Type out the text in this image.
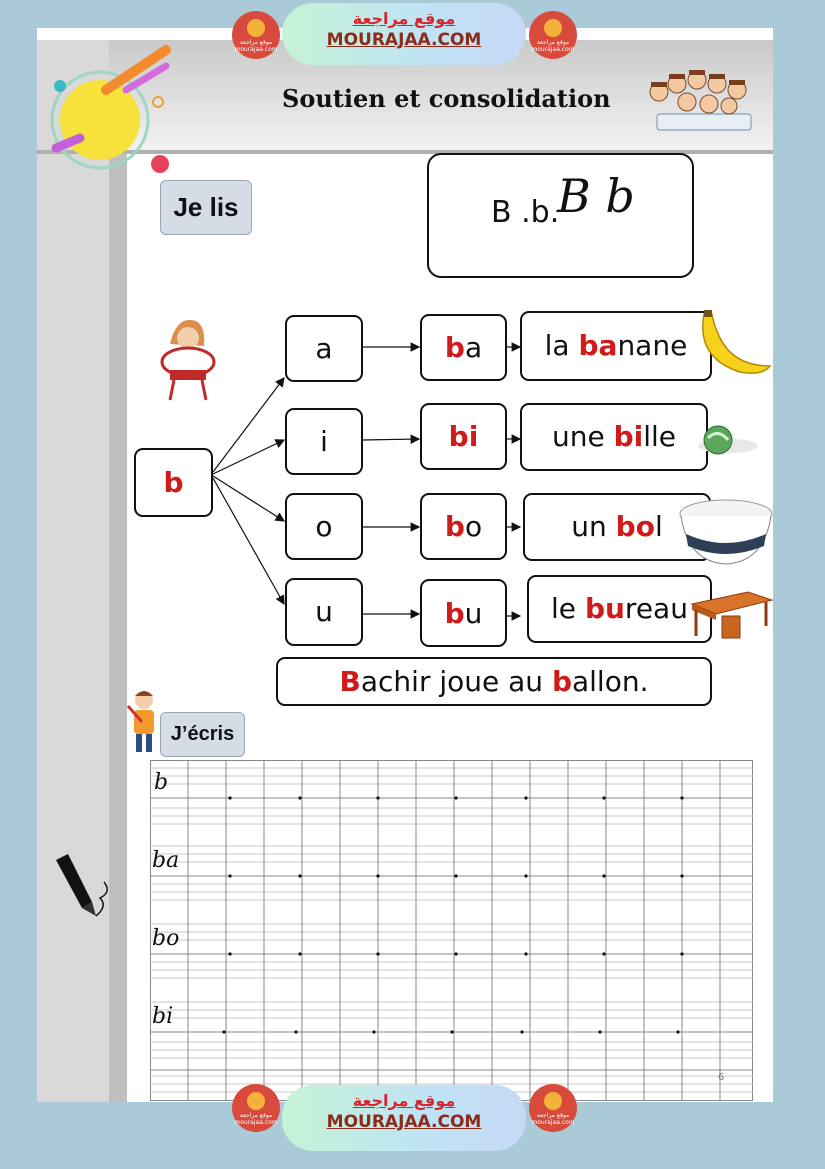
موقع مراجعة mourajaa.com
موقع مراجعة
MOURAJAA.COM	موقع مراجعة mourajaa.com
Soutien et consolidation
Je lis	B .b.
B b
b
a	ba	la banane
i	bi	une bille
o	bo	un bol
u	bu	le bureau
Bachir joue au ballon.
J’écris
b
ba
bo
bi
6
موقع مراجعة mourajaa.com
موقع مراجعة
MOURAJAA.COM	موقع مراجعة mourajaa.com
